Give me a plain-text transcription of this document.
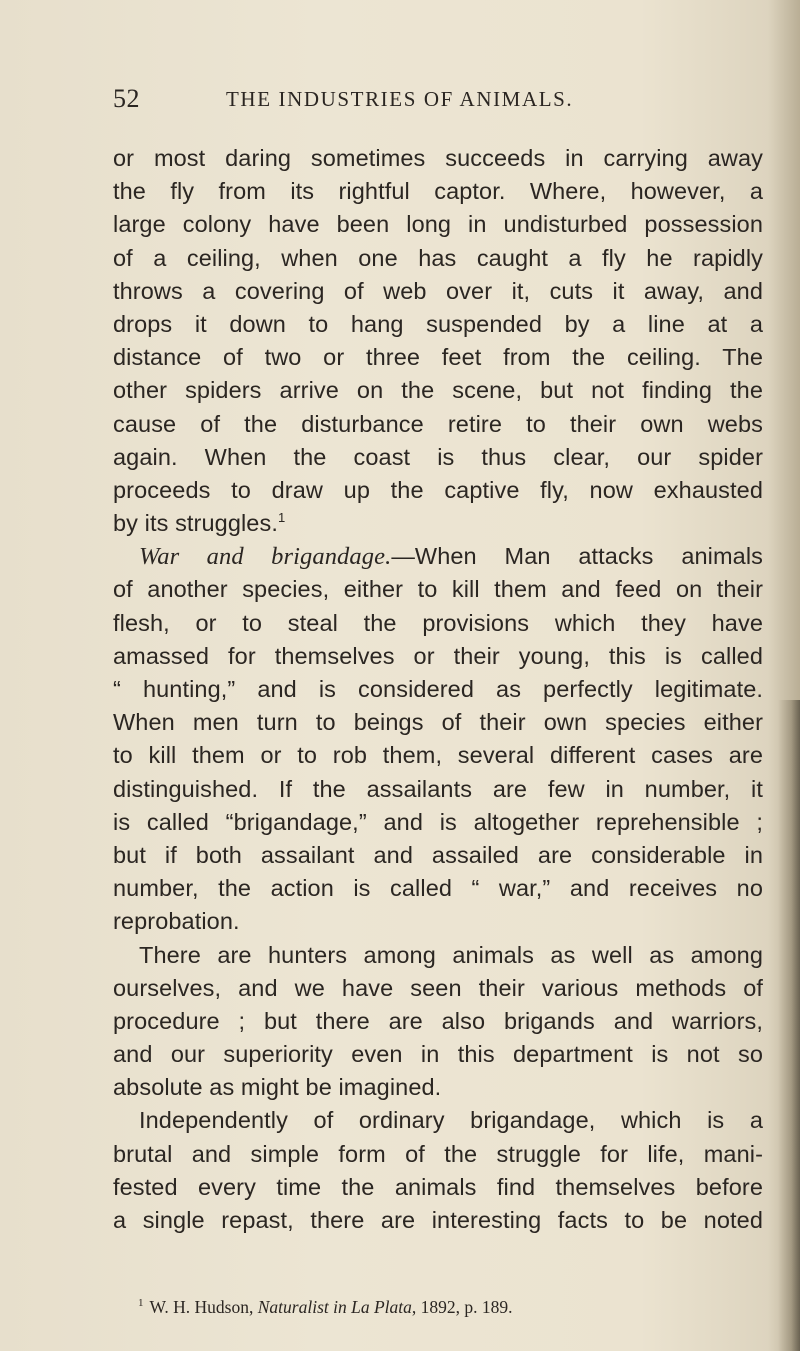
52	THE INDUSTRIES OF ANIMALS.
or most daring sometimes succeeds in carrying away
the fly from its rightful captor. Where, however, a
large colony have been long in undisturbed possession
of a ceiling, when one has caught a fly he rapidly
throws a covering of web over it, cuts it away, and
drops it down to hang suspended by a line at a
distance of two or three feet from the ceiling. The
other spiders arrive on the scene, but not finding the
cause of the disturbance retire to their own webs
again. When the coast is thus clear, our spider
proceeds to draw up the captive fly, now exhausted
by its struggles.$^1$
War and brigandage.—When Man attacks animals
of another species, either to kill them and feed on their
flesh, or to steal the provisions which they have
amassed for themselves or their young, this is called
“ hunting,” and is considered as perfectly legitimate.
When men turn to beings of their own species either
to kill them or to rob them, several different cases are
distinguished. If the assailants are few in number, it
is called “brigandage,” and is altogether reprehensible ;
but if both assailant and assailed are considerable in
number, the action is called “ war,” and receives no
reprobation.
There are hunters among animals as well as among
ourselves, and we have seen their various methods of
procedure ; but there are also brigands and warriors,
and our superiority even in this department is not so
absolute as might be imagined.
Independently of ordinary brigandage, which is a
brutal and simple form of the struggle for life, mani-
fested every time the animals find themselves before
a single repast, there are interesting facts to be noted
$^1$ W. H. Hudson, Naturalist in La Plata, 1892, p. 189.
